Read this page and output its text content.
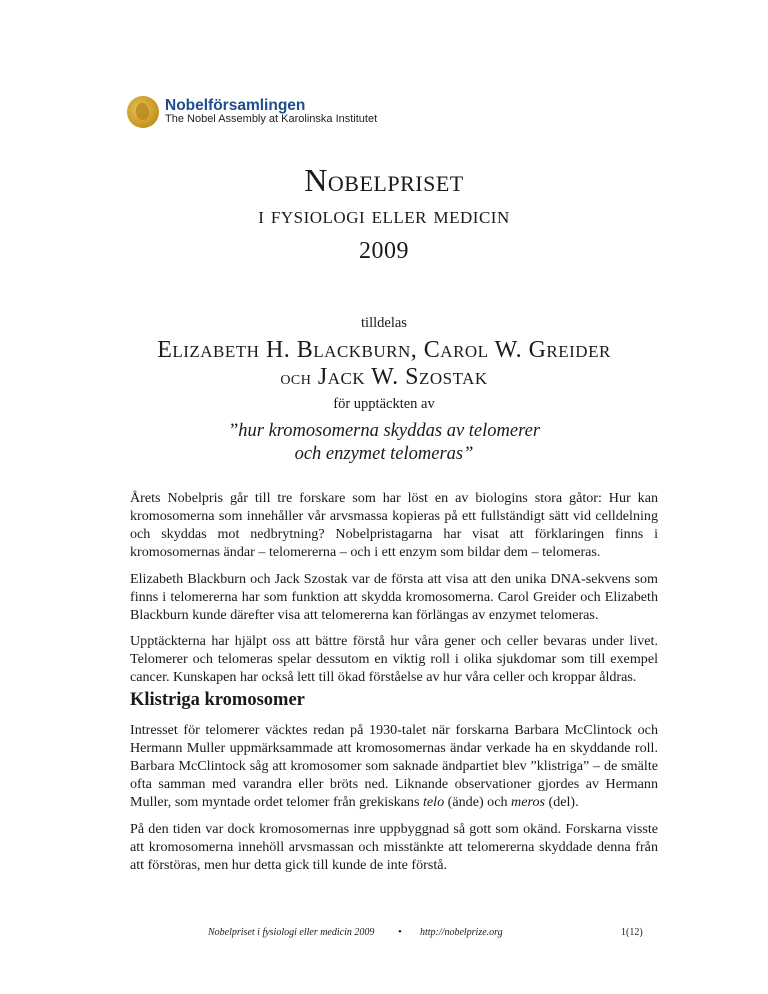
Nobelförsamlingen
The Nobel Assembly at Karolinska Institutet
Nobelpriset
i fysiologi eller medicin
2009
tilldelas
Elizabeth H. Blackburn, Carol W. Greider
och Jack W. Szostak
för upptäckten av
”hur kromosomerna skyddas av telomerer
och enzymet telomeras”

Årets Nobelpris går till tre forskare som har löst en av biologins stora gåtor: Hur kan kromosomerna som innehåller vår arvsmassa kopieras på ett fullständigt sätt vid celldelning och skyddas mot nedbrytning? Nobelpristagarna har visat att förklaringen finns i kromosomernas ändar – telomererna – och i ett enzym som bildar dem – telomeras.

Elizabeth Blackburn och Jack Szostak var de första att visa att den unika DNA-sekvens som finns i telomererna har som funktion att skydda kromosomerna. Carol Greider och Elizabeth Blackburn kunde därefter visa att telomererna kan förlängas av enzymet telomeras.

Upptäckterna har hjälpt oss att bättre förstå hur våra gener och celler bevaras under livet. Telomerer och telomeras spelar dessutom en viktig roll i olika sjukdomar som till exempel cancer. Kunskapen har också lett till ökad förståelse av hur våra celler och kroppar åldras.

Klistriga kromosomer

Intresset för telomerer väcktes redan på 1930-talet när forskarna Barbara McClintock och Hermann Muller uppmärksammade att kromosomernas ändar verkade ha en skyddande roll. Barbara McClintock såg att kromosomer som saknade ändpartiet blev ”klistriga” – de smälte ofta samman med varandra eller bröts ned. Liknande observationer gjordes av Hermann Muller, som myntade ordet telomer från grekiskans telo (ände) och meros (del).

På den tiden var dock kromosomernas inre uppbyggnad så gott som okänd. Forskarna visste att kromosomerna innehöll arvsmassan och misstänkte att telomererna skyddade denna från att förstöras, men hur detta gick till kunde de inte förstå.

Nobelpriset i fysiologi eller medicin 2009 • http://nobelprize.org	1(12)
